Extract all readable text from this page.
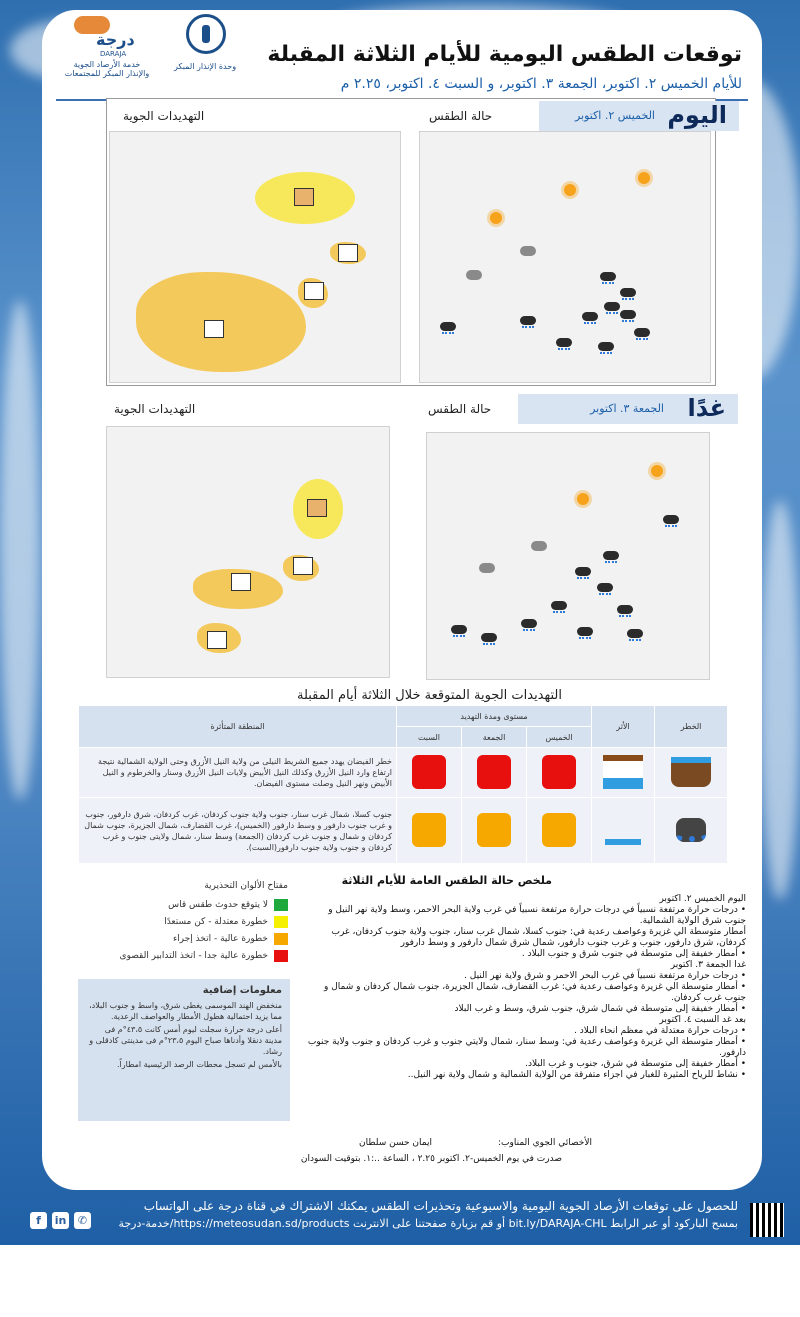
درجة
DARAJA
خدمة الأرصاد الجوية والإنذار المبكر للمجتمعات
وحدة الإنذار المبكر توقعات الطقس اليومية للأيام الثلاثة المقبلة
للأيام الخميس ٢. اكتوبر، الجمعة ٣. اكتوبر، و السبت ٤. اكتوبر، ٢.٢٥ م
اليوم
الخميس ٢. اكتوبر
حالة الطقس
التهديدات الجوية
غدًا
الجمعة ٣. اكتوبر
حالة الطقس
التهديدات الجوية
التهديدات الجوية المتوقعة خلال الثلاثة أيام المقبلة
الخطر	الأثر	مستوى ومدة التهديد			المنطقة المتأثرة
		الخميس	الجمعة	السبت	
					خطر الفيضان يهدد جميع الشريط النيلى من ولاية النيل الأزرق وحتى الولاية الشمالية نتيجة ارتفاع وارد النيل الأزرق وكذلك النيل الأبيض ولايات النيل الأزرق وسنار والخرطوم و النيل الأبيض ونهر النيل وصلت مستوى الفيضان.
					جنوب كسلا، شمال غرب سنار، جنوب ولاية جنوب كردفان، غرب كردفان، شرق دارفور، جنوب و غرب جنوب دارفور و وسط دارفور (الخميس)، غرب القضارف، شمال الجزيرة، جنوب شمال كردفان و شمال و جنوب غرب كردفان (الجمعة) وسط سنار، شمال ولايتى جنوب و غرب كردفان و جنوب ولاية جنوب دارفور(السبت).
ملخص حالة الطقس العامة للأيام الثلاثة

اليوم الخميس ٢. اكتوبر

• درجات حرارة مرتفعة نسبياً في درجات حرارة مرتفعة نسبياً في غرب ولاية البحر الاحمر، وسط ولاية نهر النيل و جنوب شرق الولاية الشمالية.

أمطار متوسطة الي غزيرة وعواصف رعدية في: جنوب كسلا، شمال غرب سنار، جنوب ولاية جنوب كردفان، غرب كردفان، شرق دارفور، جنوب و غرب جنوب دارفور، شمال شرق شمال دارفور و وسط دارفور

• أمطار خفيفة إلى متوسطة في جنوب شرق و جنوب البلاد .

غدا الجمعة ٣. اكتوبر

• درجات حرارة مرتفعة نسبياً في غرب البحر الاحمر و شرق ولاية نهر النيل .

• أمطار متوسطة الي غزيرة وعواصف رعدية في: غرب القضارف، شمال الجزيرة، جنوب شمال كردفان و شمال و جنوب غرب كردفان.

• أمطار خفيفة إلى متوسطة في شمال شرق، جنوب شرق، وسط و غرب البلاد

بعد غد السبت ٤. اكتوبر

• درجات حرارة معتدلة في معظم انحاء البلاد .

• أمطار متوسطة الي غزيرة وعواصف رعدية في: وسط سنار، شمال ولايتي جنوب و غرب كردفان و جنوب ولاية جنوب دارفور.

• أمطار خفيفة إلى متوسطة في شرق، جنوب و غرب البلاد.

• نشاط للرياح المثيرة للغبار في اجزاء متفرقة من الولاية الشمالية و شمال ولاية نهر النيل..

مفتاح الألوان التحذيرية
لا يتوقع حدوث طقس قاس
خطورة معتدلة - كن مستعدًا
خطورة عالية - اتخذ إجراء
خطورة عالية جدا - اتخذ التدابير القصوى
معلومات إضافية

منخفض الهند الموسمى يغطى شرق، واسط و جنوب البلاد، مما يزيد احتمالية هطول الأمطار والعواصف الرعدية.

أعلى درجة حرارة سجلت ليوم أمس كانت ٤٣،٥°م فى مدينة دنقلا وأدناها صباح اليوم ٢٣،٥°م فى مدينتى كادقلى و رشاد.

بالأمس لم تسجل محطات الرصد الرئيسية امطاراً.

الأخصائي الجوي المناوب:
ايمان حسن سلطان
صدرت في يوم الخميس-٢. اكتوبر ٢.٢٥ ، الساعة ..:١. بتوقيت السودان
للحصول على توقعات الأرصاد الجوية اليومية والاسبوعية وتحذيرات الطقس يمكنك الاشتراك في قناة درجة على الواتساب
بمسح الباركود أو عبر الرابط bit.ly/DARAJA-CHL أو قم بزيارة صفحتنا على الانترنت https://meteosudan.sd/products/خدمة-درجة
f	in	✆
